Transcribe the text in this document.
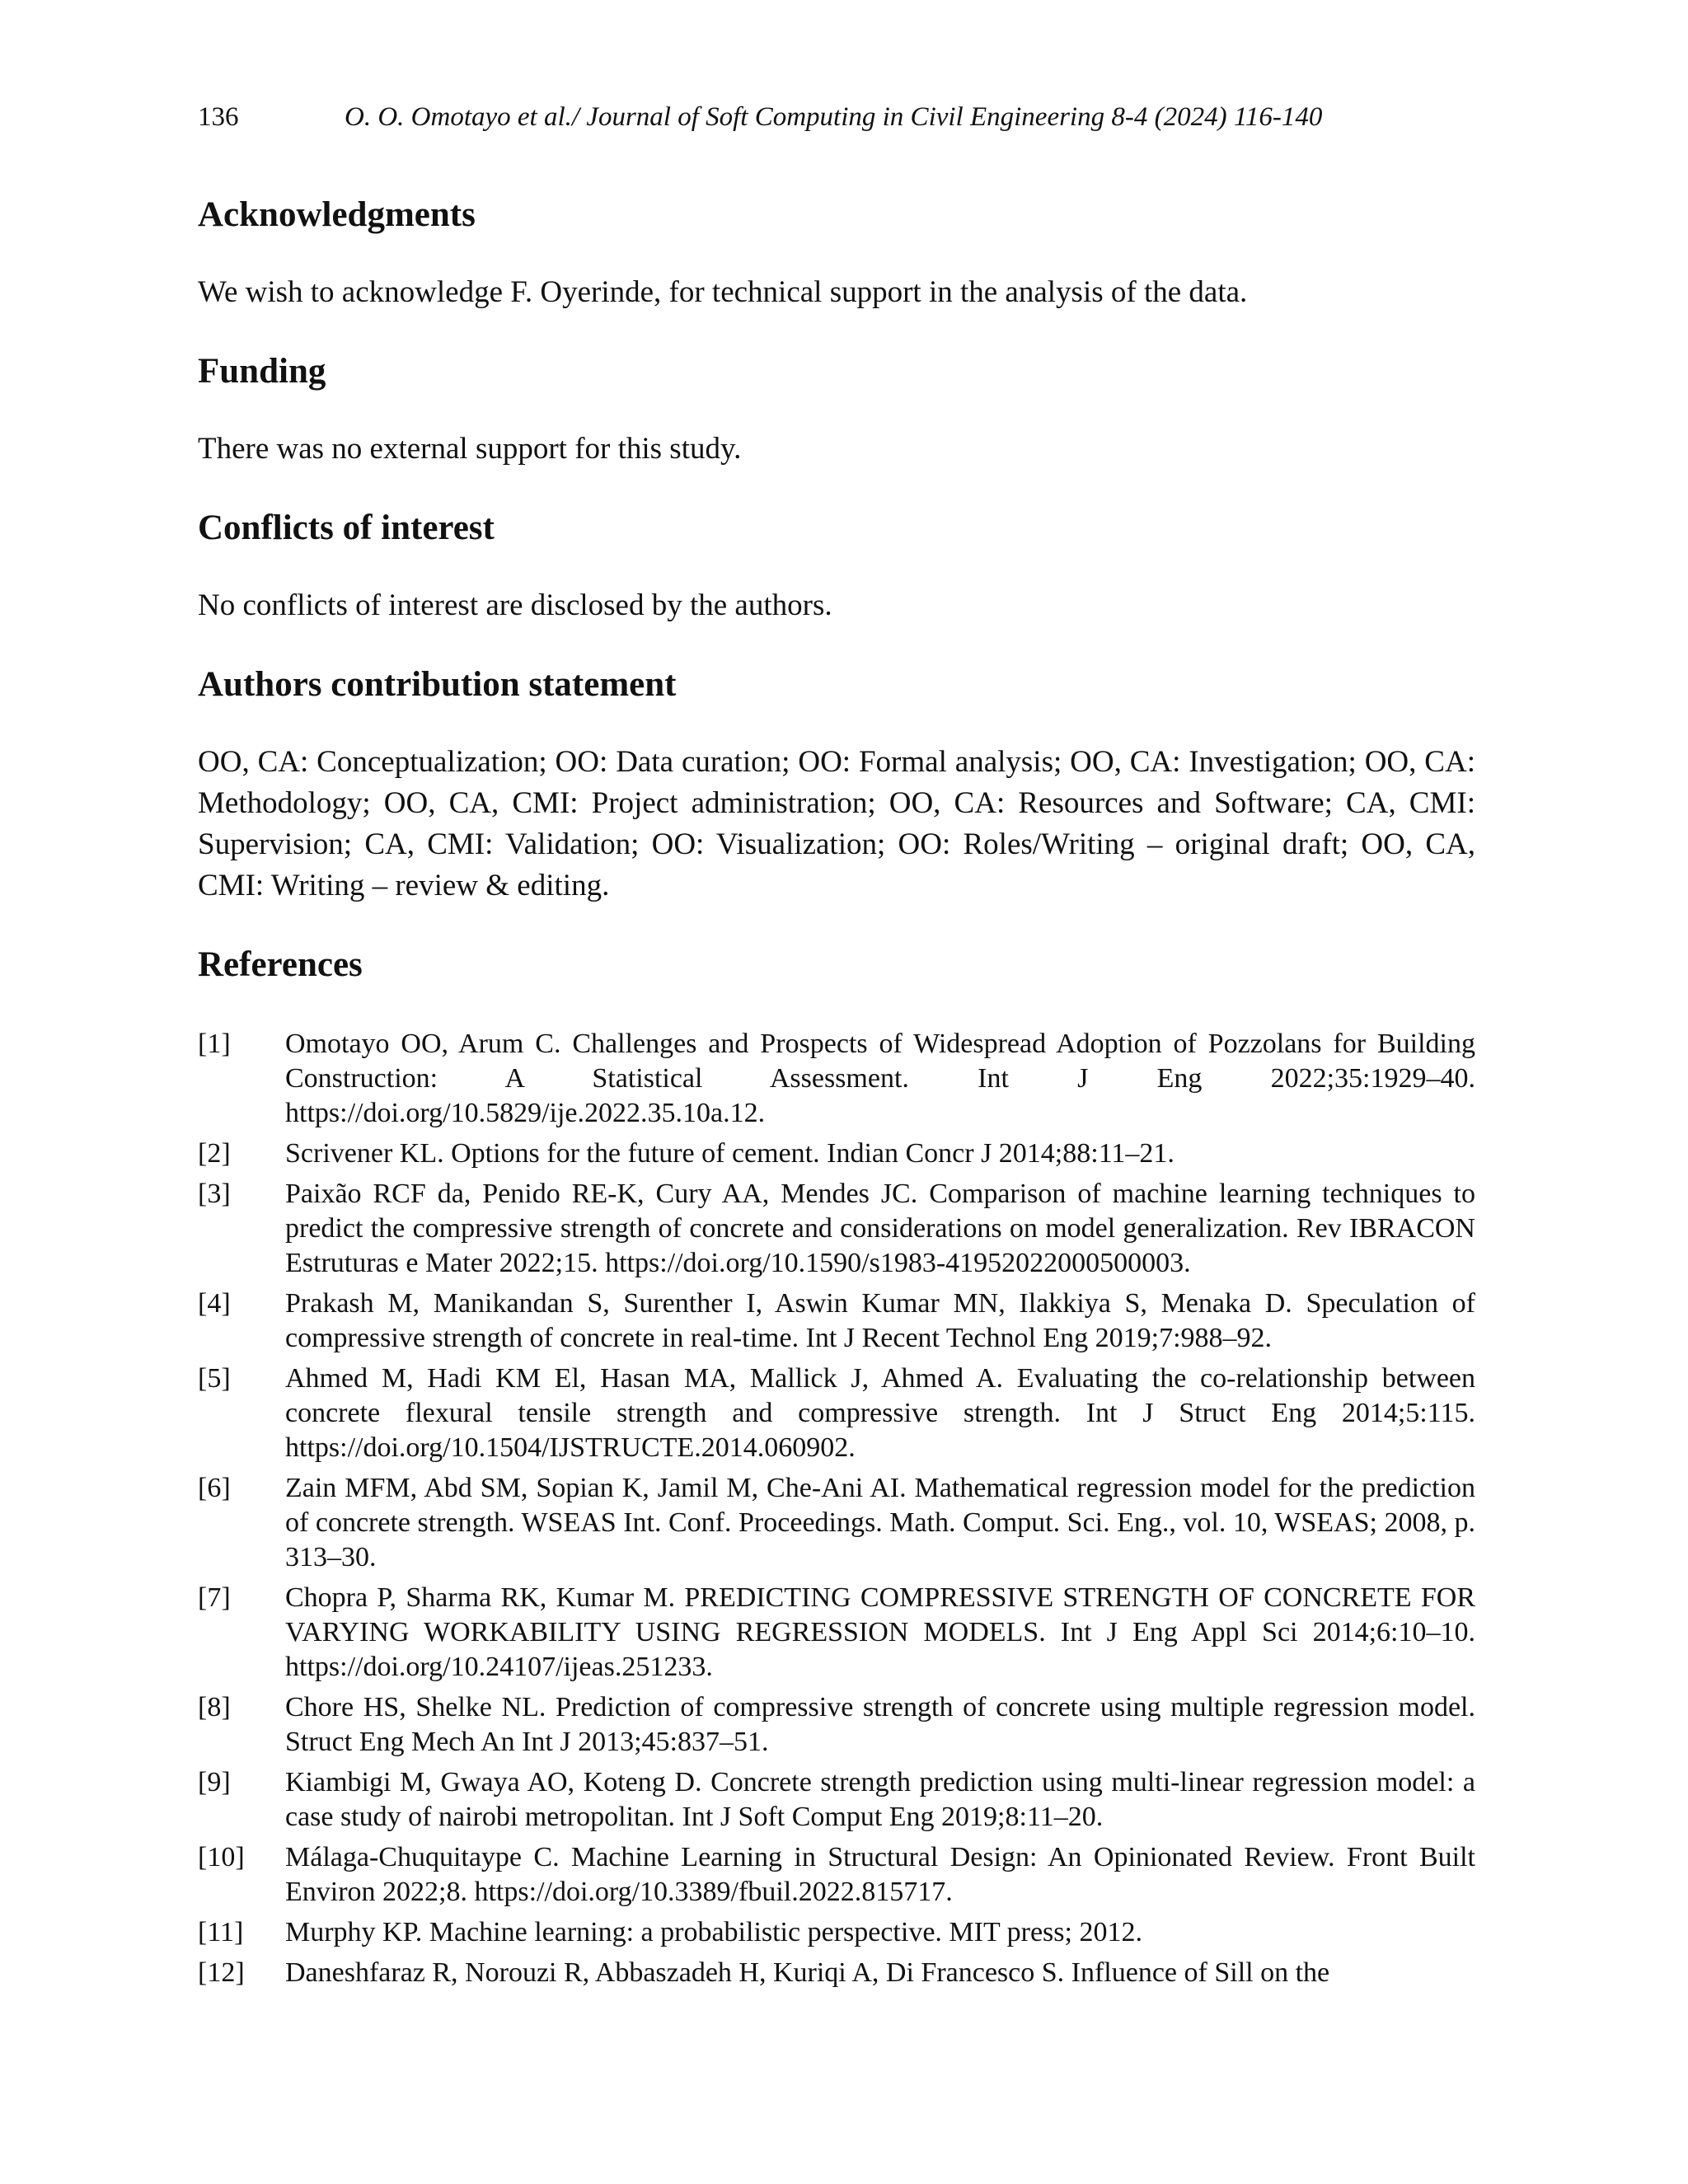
136	O. O. Omotayo et al./ Journal of Soft Computing in Civil Engineering 8-4 (2024) 116-140
Acknowledgments

We wish to acknowledge F. Oyerinde, for technical support in the analysis of the data.

Funding

There was no external support for this study.

Conflicts of interest

No conflicts of interest are disclosed by the authors.

Authors contribution statement

OO, CA: Conceptualization; OO: Data curation; OO: Formal analysis; OO, CA: Investigation; OO, CA: Methodology; OO, CA, CMI: Project administration; OO, CA: Resources and Software; CA, CMI: Supervision; CA, CMI: Validation; OO: Visualization; OO: Roles/Writing – original draft; OO, CA, CMI: Writing – review & editing.

References
[1]	Omotayo OO, Arum C. Challenges and Prospects of Widespread Adoption of Pozzolans for Building Construction: A Statistical Assessment. Int J Eng 2022;35:1929–40. https://doi.org/10.5829/ije.2022.35.10a.12.
[2]	Scrivener KL. Options for the future of cement. Indian Concr J 2014;88:11–21.
[3]	Paixão RCF da, Penido RE-K, Cury AA, Mendes JC. Comparison of machine learning techniques to predict the compressive strength of concrete and considerations on model generalization. Rev IBRACON Estruturas e Mater 2022;15. https://doi.org/10.1590/s1983-41952022000500003.
[4]	Prakash M, Manikandan S, Surenther I, Aswin Kumar MN, Ilakkiya S, Menaka D. Speculation of compressive strength of concrete in real-time. Int J Recent Technol Eng 2019;7:988–92.
[5]	Ahmed M, Hadi KM El, Hasan MA, Mallick J, Ahmed A. Evaluating the co-relationship between concrete flexural tensile strength and compressive strength. Int J Struct Eng 2014;5:115. https://doi.org/10.1504/IJSTRUCTE.2014.060902.
[6]	Zain MFM, Abd SM, Sopian K, Jamil M, Che-Ani AI. Mathematical regression model for the prediction of concrete strength. WSEAS Int. Conf. Proceedings. Math. Comput. Sci. Eng., vol. 10, WSEAS; 2008, p. 313–30.
[7]	Chopra P, Sharma RK, Kumar M. PREDICTING COMPRESSIVE STRENGTH OF CONCRETE FOR VARYING WORKABILITY USING REGRESSION MODELS. Int J Eng Appl Sci 2014;6:10–10. https://doi.org/10.24107/ijeas.251233.
[8]	Chore HS, Shelke NL. Prediction of compressive strength of concrete using multiple regression model. Struct Eng Mech An Int J 2013;45:837–51.
[9]	Kiambigi M, Gwaya AO, Koteng D. Concrete strength prediction using multi-linear regression model: a case study of nairobi metropolitan. Int J Soft Comput Eng 2019;8:11–20.
[10]	Málaga-Chuquitaype C. Machine Learning in Structural Design: An Opinionated Review. Front Built Environ 2022;8. https://doi.org/10.3389/fbuil.2022.815717.
[11]	Murphy KP. Machine learning: a probabilistic perspective. MIT press; 2012.
[12]	Daneshfaraz R, Norouzi R, Abbaszadeh H, Kuriqi A, Di Francesco S. Influence of Sill on the
